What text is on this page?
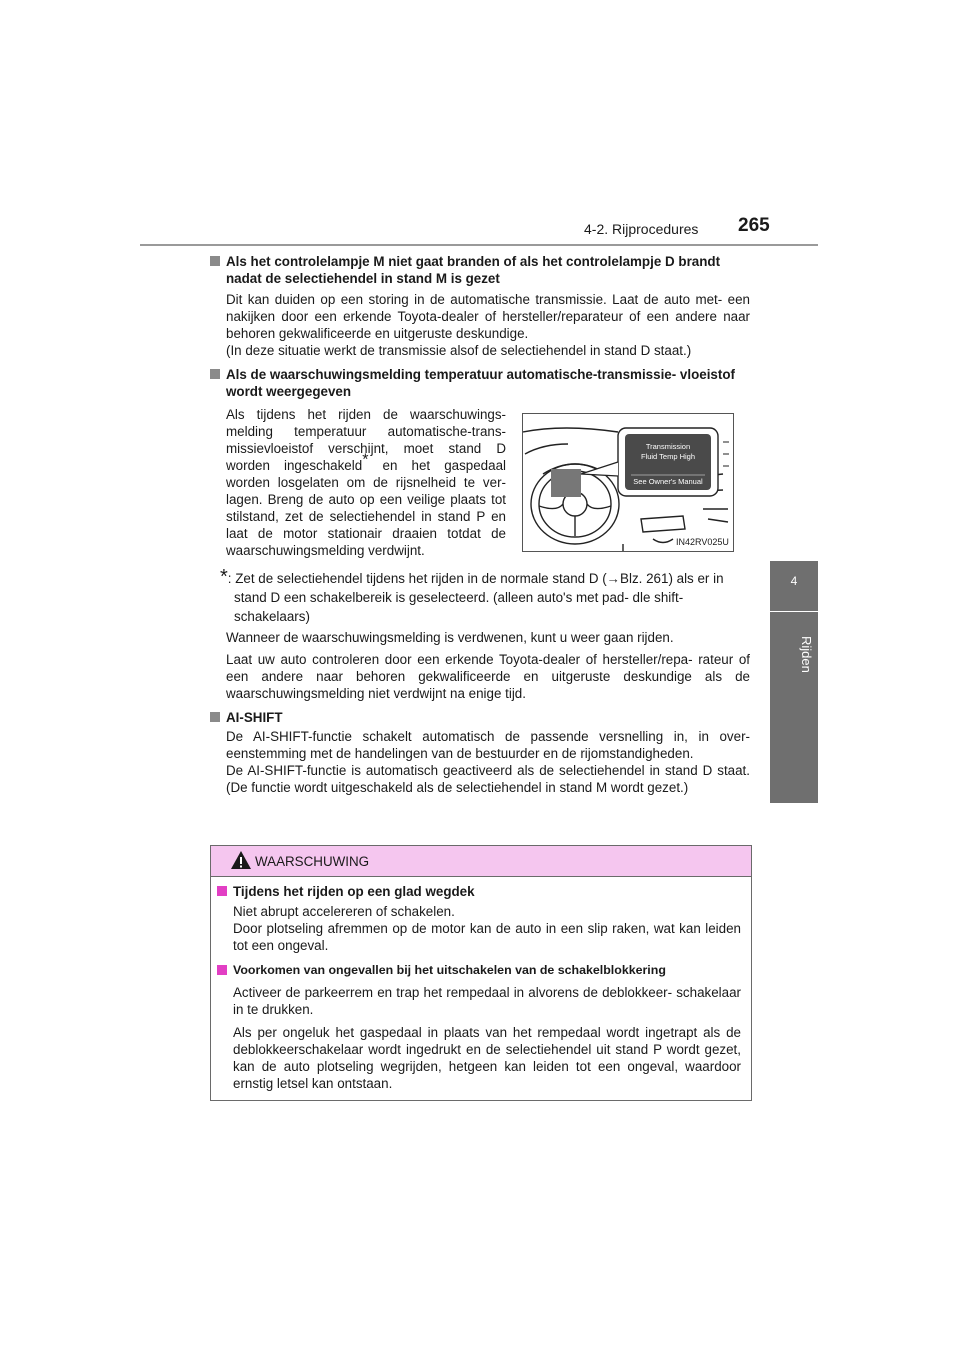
4-2. Rijprocedures 265
4
Rijden

Als het controlelampje M niet gaat branden of als het controlelampje D brandt nadat de selectiehendel in stand M is gezet

Dit kan duiden op een storing in de automatische transmissie. Laat de auto met- een nakijken door een erkende Toyota-dealer of hersteller/reparateur of een andere naar behoren gekwalificeerde en uitgeruste deskundige.

(In deze situatie werkt de transmissie alsof de selectiehendel in stand D staat.)

Als de waarschuwingsmelding temperatuur automatische-transmissie- vloeistof wordt weergegeven

Als tijdens het rijden de waarschuwings- melding temperatuur automatische-trans- missievloeistof verschijnt, moet stand D worden ingeschakeld* en het gaspedaal worden losgelaten om de rijsnelheid te ver- lagen. Breng de auto op een veilige plaats tot stilstand, zet de selectiehendel in stand P en laat de motor stationair draaien totdat de waarschuwingsmelding verdwijnt.

*: Zet de selectiehendel tijdens het rijden in de normale stand D (→Blz. 261) als er in stand D een schakelbereik is geselecteerd. (alleen auto's met pad- dle shift-schakelaars)

Wanneer de waarschuwingsmelding is verdwenen, kunt u weer gaan rijden.

Laat uw auto controleren door een erkende Toyota-dealer of hersteller/repa- rateur of een andere naar behoren gekwalificeerde en uitgeruste deskundige als de waarschuwingsmelding niet verdwijnt na enige tijd.

AI-SHIFT

De AI-SHIFT-functie schakelt automatisch de passende versnelling in, in over- eenstemming met de handelingen van de bestuurder en de rijomstandigheden.

De AI-SHIFT-functie is automatisch geactiveerd als de selectiehendel in stand D staat. (De functie wordt uitgeschakeld als de selectiehendel in stand M wordt gezet.)

Transmission
Fluid Temp High
See Owner's Manual
IN42RV025U
WAARSCHUWING

Tijdens het rijden op een glad wegdek

Niet abrupt accelereren of schakelen.

Door plotseling afremmen op de motor kan de auto in een slip raken, wat kan leiden tot een ongeval.

Voorkomen van ongevallen bij het uitschakelen van de schakelblokkering

Activeer de parkeerrem en trap het rempedaal in alvorens de deblokkeer- schakelaar in te drukken.

Als per ongeluk het gaspedaal in plaats van het rempedaal wordt ingetrapt als de deblokkeerschakelaar wordt ingedrukt en de selectiehendel uit stand P wordt gezet, kan de auto plotseling wegrijden, hetgeen kan leiden tot een ongeval, waardoor ernstig letsel kan ontstaan.
